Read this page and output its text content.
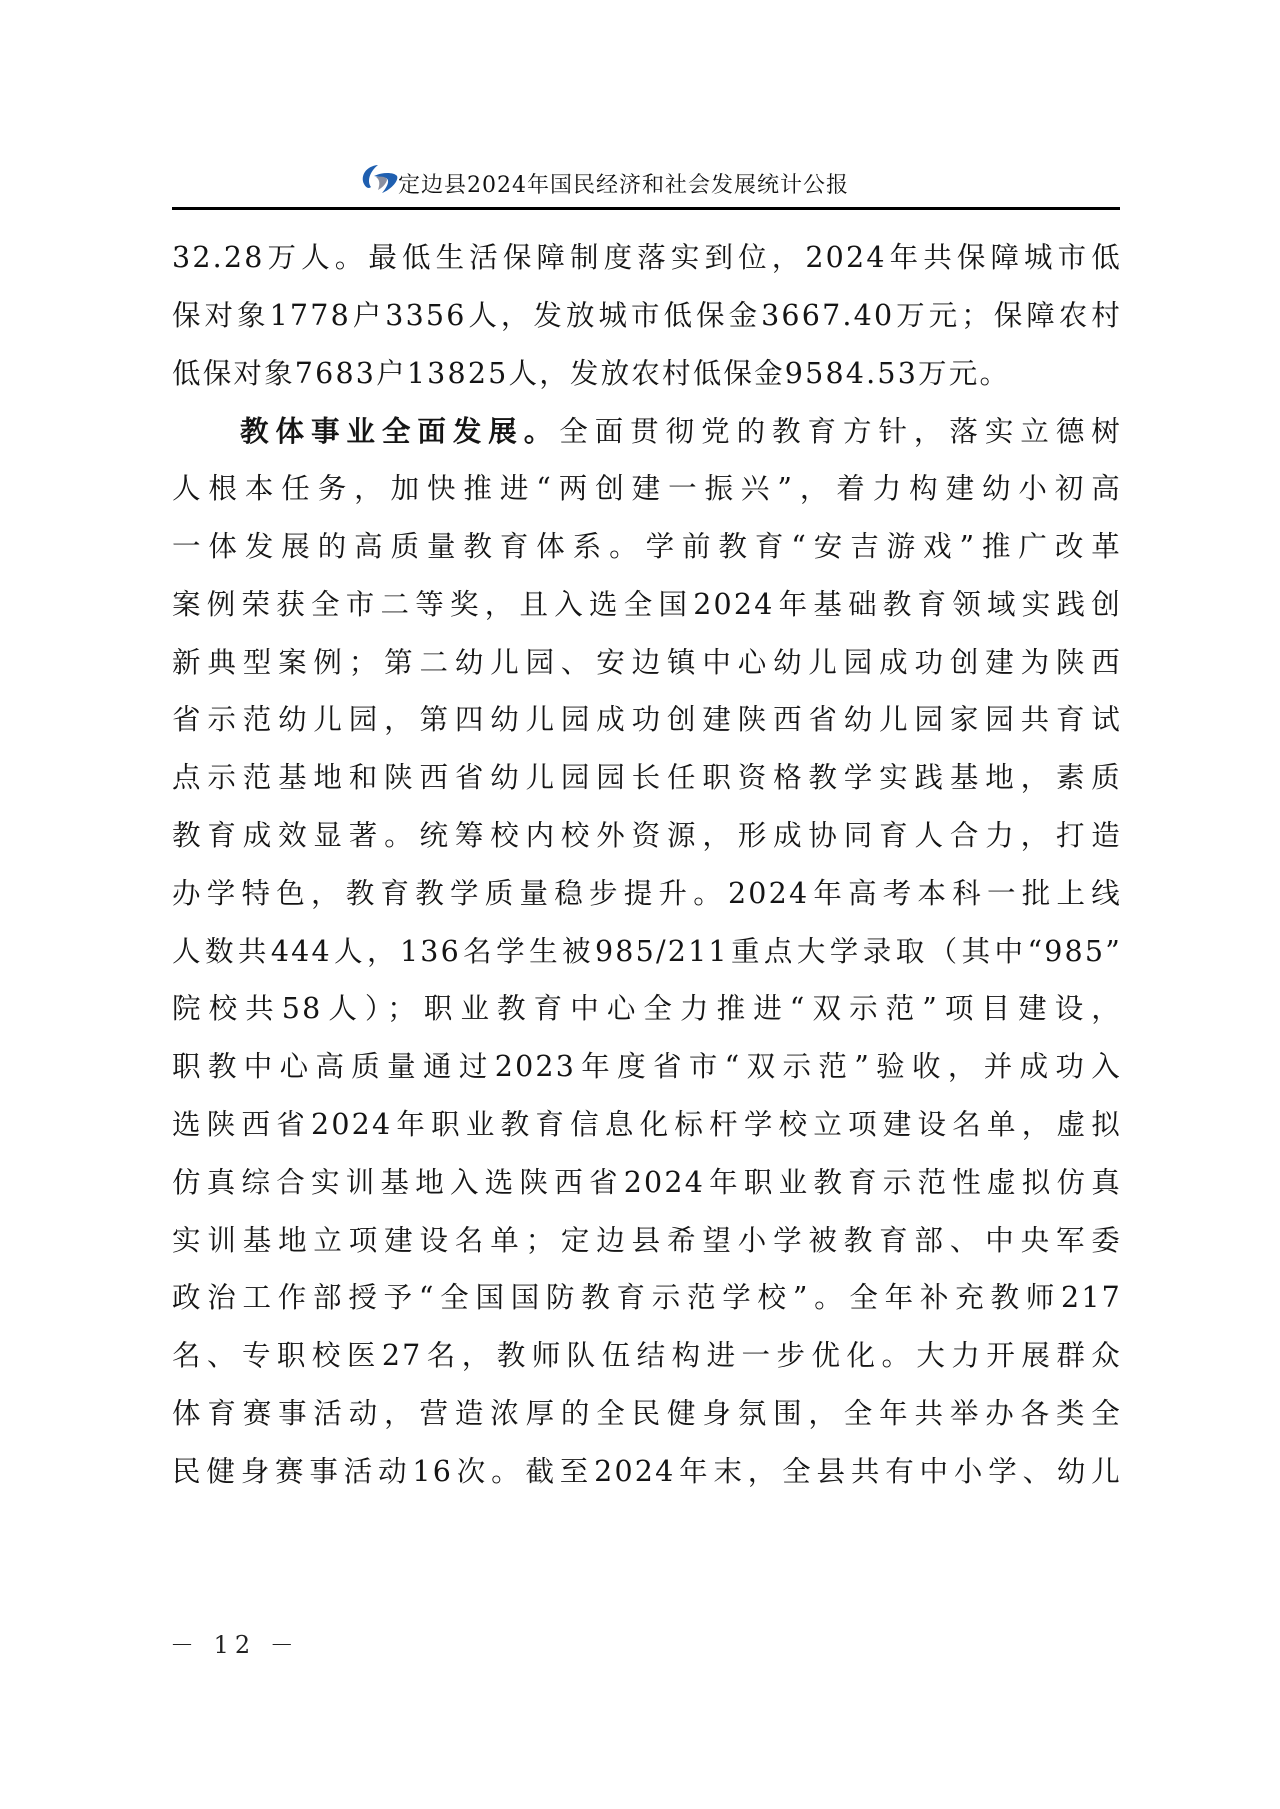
定边县2024年国民经济和社会发展统计公报
32.28万人。最低生活保障制度落实到位，2024年共保障城市低
保对象1778户3356人，发放城市低保金3667.40万元；保障农村
低保对象7683户13825人，发放农村低保金9584.53万元。
教体事业全面发展。全面贯彻党的教育方针，落实立德树
人根本任务，加快推进“两创建一振兴”，着力构建幼小初高
一体发展的高质量教育体系。学前教育“安吉游戏”推广改革
案例荣获全市二等奖，且入选全国2024年基础教育领域实践创
新典型案例；第二幼儿园、安边镇中心幼儿园成功创建为陕西
省示范幼儿园，第四幼儿园成功创建陕西省幼儿园家园共育试
点示范基地和陕西省幼儿园园长任职资格教学实践基地，素质
教育成效显著。统筹校内校外资源，形成协同育人合力，打造
办学特色，教育教学质量稳步提升。2024年高考本科一批上线
人数共444人，136名学生被985/211重点大学录取（其中“985”
院校共58人）；职业教育中心全力推进“双示范”项目建设，
职教中心高质量通过2023年度省市“双示范”验收，并成功入
选陕西省2024年职业教育信息化标杆学校立项建设名单，虚拟
仿真综合实训基地入选陕西省2024年职业教育示范性虚拟仿真
实训基地立项建设名单；定边县希望小学被教育部、中央军委
政治工作部授予“全国国防教育示范学校”。全年补充教师217
名、专职校医27名，教师队伍结构进一步优化。大力开展群众
体育赛事活动，营造浓厚的全民健身氛围，全年共举办各类全
民健身赛事活动16次。截至2024年末，全县共有中小学、幼儿
－ 12 －
